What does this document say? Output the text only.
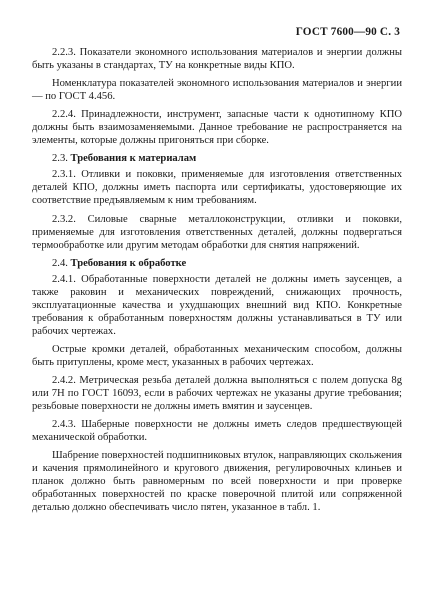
ГОСТ 7600—90 С. 3

2.2.3. Показатели экономного использования материалов и энергии должны быть указаны в стандартах, ТУ на конкретные виды КПО.

Номенклатура показателей экономного использования материалов и энергии — по ГОСТ 4.456.

2.2.4. Принадлежности, инструмент, запасные части к однотипному КПО должны быть взаимозаменяемыми. Данное требование не распространяется на элементы, которые должны пригоняться при сборке.

2.3. Требования к материалам

2.3.1. Отливки и поковки, применяемые для изготовления ответственных деталей КПО, должны иметь паспорта или сертификаты, удостоверяющие их соответствие предъявляемым к ним требованиям.

2.3.2. Силовые сварные металлоконструкции, отливки и поковки, применяемые для изготовления ответственных деталей, должны подвергаться термообработке или другим методам обработки для снятия напряжений.

2.4. Требования к обработке

2.4.1. Обработанные поверхности деталей не должны иметь заусенцев, а также раковин и механических повреждений, снижающих прочность, эксплуатационные качества и ухудшающих внешний вид КПО. Конкретные требования к обработанным поверхностям должны устанавливаться в ТУ или рабочих чертежах.

Острые кромки деталей, обработанных механическим способом, должны быть притуплены, кроме мест, указанных в рабочих чертежах.

2.4.2. Метрическая резьба деталей должна выполняться с полем допуска 8g или 7H по ГОСТ 16093, если в рабочих чертежах не указаны другие требования; резьбовые поверхности не должны иметь вмятин и заусенцев.

2.4.3. Шаберные поверхности не должны иметь следов предшествующей механической обработки.

Шабрение поверхностей подшипниковых втулок, направляющих скольжения и качения прямолинейного и кругового движения, регулировочных клиньев и планок должно быть равномерным по всей поверхности и при проверке обработанных поверхностей по краске поверочной плитой или сопряженной деталью должно обеспечивать число пятен, указанное в табл. 1.
